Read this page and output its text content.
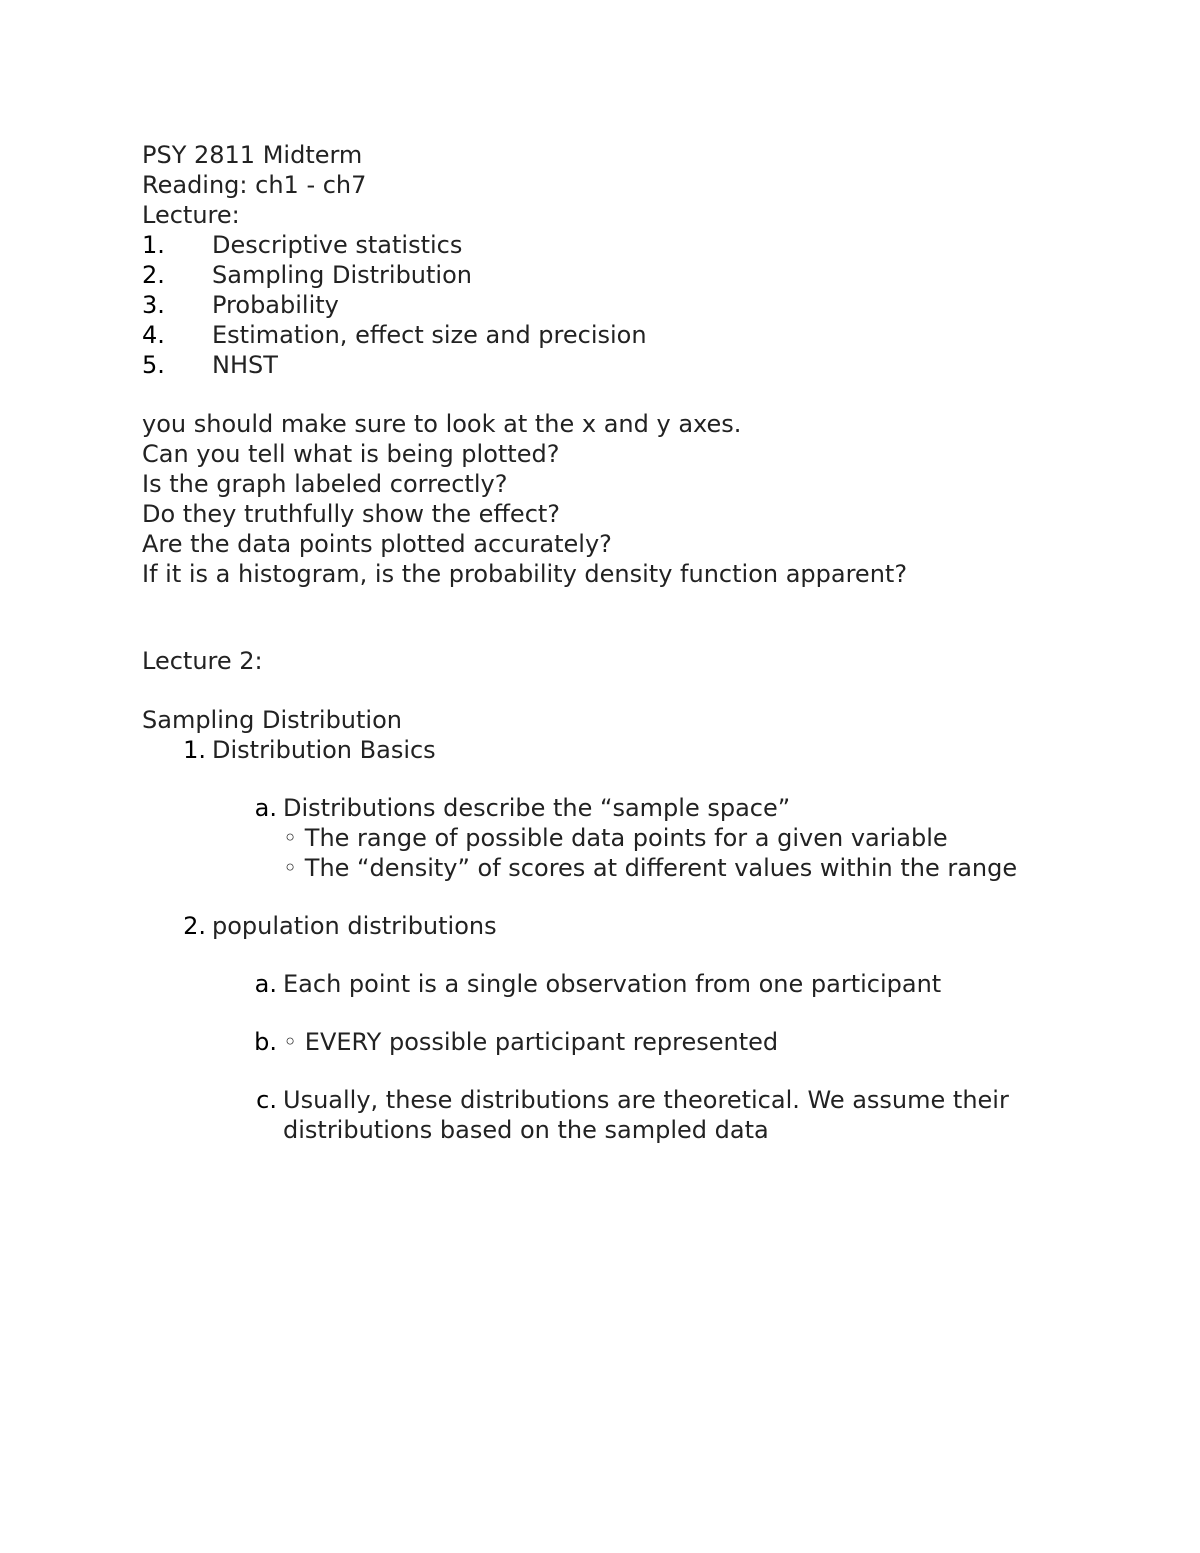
PSY 2811 Midterm
Reading: ch1 - ch7
Lecture:
1.	Descriptive statistics
2.	Sampling Distribution
3.	Probability
4.	Estimation, effect size and precision
5.	NHST
you should make sure to look at the x and y axes.
Can you tell what is being plotted?
Is the graph labeled correctly?
Do they truthfully show the effect?
Are the data points plotted accurately?
If it is a histogram, is the probability density function apparent?
Lecture 2:
Sampling Distribution
1. Distribution Basics
a. Distributions describe the “sample space”
◦ The range of possible data points for a given variable
◦ The “density” of scores at different values within the range
2. population distributions
a. Each point is a single observation from one participant
b. ◦ EVERY possible participant represented
c. Usually, these distributions are theoretical. We assume their distributions based on the sampled data
